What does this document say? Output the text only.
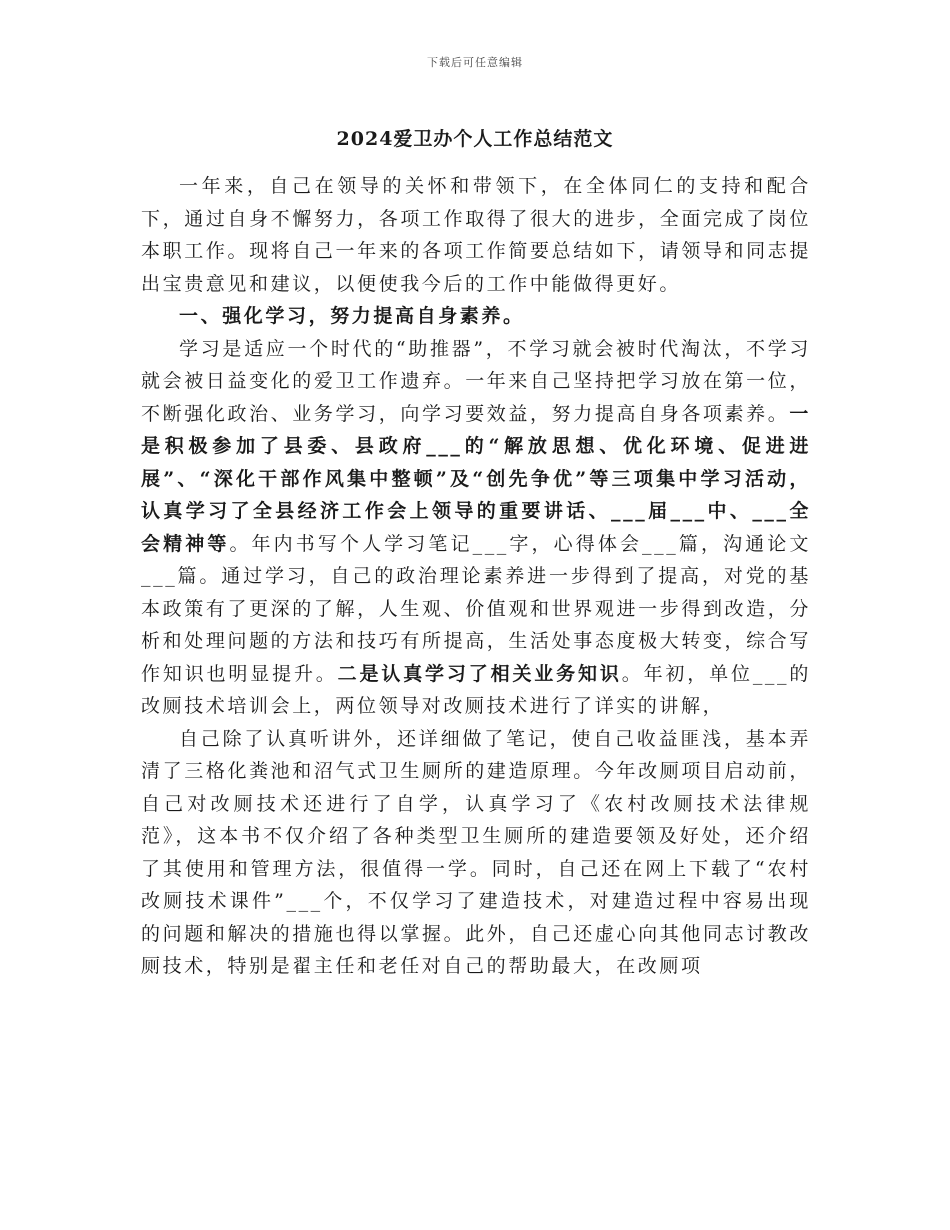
下载后可任意编辑
2024爱卫办个人工作总结范文

一年来，自己在领导的关怀和带领下，在全体同仁的支持和配合下，通过自身不懈努力，各项工作取得了很大的进步，全面完成了岗位本职工作。现将自己一年来的各项工作简要总结如下，请领导和同志提出宝贵意见和建议，以便使我今后的工作中能做得更好。

一、强化学习，努力提高自身素养。

学习是适应一个时代的“助推器”，不学习就会被时代淘汰，不学习就会被日益变化的爱卫工作遗弃。一年来自己坚持把学习放在第一位，不断强化政治、业务学习，向学习要效益，努力提高自身各项素养。一是积极参加了县委、县政府___的“解放思想、优化环境、促进进展”、“深化干部作风集中整顿”及“创先争优”等三项集中学习活动，认真学习了全县经济工作会上领导的重要讲话、___届___中、___全会精神等。年内书写个人学习笔记___字，心得体会___篇，沟通论文___篇。通过学习，自己的政治理论素养进一步得到了提高，对党的基本政策有了更深的了解，人生观、价值观和世界观进一步得到改造，分析和处理问题的方法和技巧有所提高，生活处事态度极大转变，综合写作知识也明显提升。二是认真学习了相关业务知识。年初，单位___的改厕技术培训会上，两位领导对改厕技术进行了详实的讲解，

自己除了认真听讲外，还详细做了笔记，使自己收益匪浅，基本弄清了三格化粪池和沼气式卫生厕所的建造原理。今年改厕项目启动前，自己对改厕技术还进行了自学，认真学习了《农村改厕技术法律规范》，这本书不仅介绍了各种类型卫生厕所的建造要领及好处，还介绍了其使用和管理方法，很值得一学。同时，自己还在网上下载了“农村改厕技术课件”___个，不仅学习了建造技术，对建造过程中容易出现的问题和解决的措施也得以掌握。此外，自己还虚心向其他同志讨教改厕技术，特别是翟主任和老任对自己的帮助最大，在改厕项
